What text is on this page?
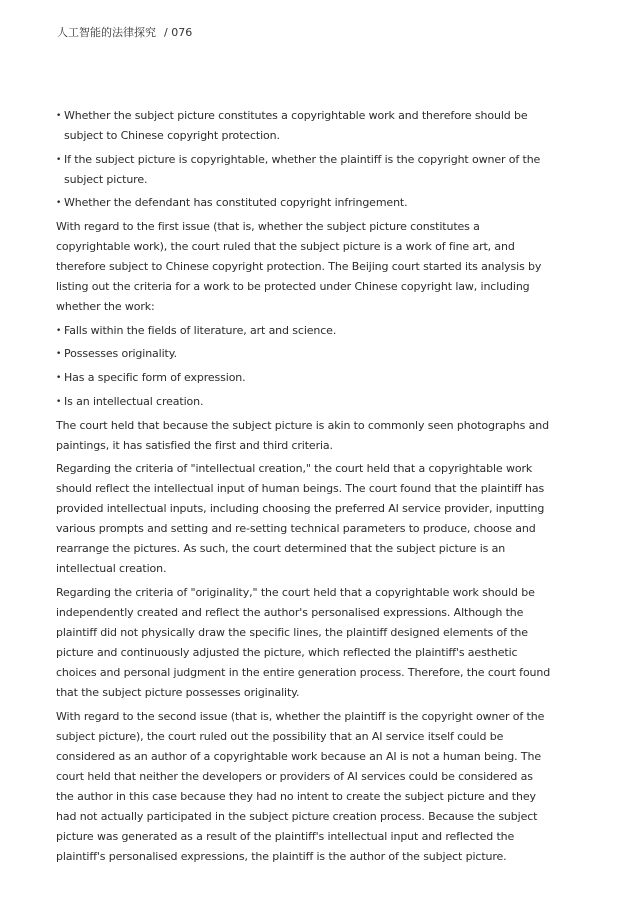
人工智能的法律探究 / 076
• Whether the subject picture constitutes a copyrightable work and therefore should be subject to Chinese copyright protection.
• If the subject picture is copyrightable, whether the plaintiff is the copyright owner of the subject picture.
• Whether the defendant has constituted copyright infringement.

With regard to the first issue (that is, whether the subject picture constitutes a copyrightable work), the court ruled that the subject picture is a work of fine art, and therefore subject to Chinese copyright protection. The Beijing court started its analysis by listing out the criteria for a work to be protected under Chinese copyright law, including whether the work:

• Falls within the fields of literature, art and science.
• Possesses originality.
• Has a specific form of expression.
• Is an intellectual creation.

The court held that because the subject picture is akin to commonly seen photographs and paintings, it has satisfied the first and third criteria.

Regarding the criteria of "intellectual creation," the court held that a copyrightable work should reflect the intellectual input of human beings. The court found that the plaintiff has provided intellectual inputs, including choosing the preferred AI service provider, inputting various prompts and setting and re-setting technical parameters to produce, choose and rearrange the pictures. As such, the court determined that the subject picture is an intellectual creation.

Regarding the criteria of "originality," the court held that a copyrightable work should be independently created and reflect the author's personalised expressions. Although the plaintiff did not physically draw the specific lines, the plaintiff designed elements of the picture and continuously adjusted the picture, which reflected the plaintiff's aesthetic choices and personal judgment in the entire generation process. Therefore, the court found that the subject picture possesses originality.

With regard to the second issue (that is, whether the plaintiff is the copyright owner of the subject picture), the court ruled out the possibility that an AI service itself could be considered as an author of a copyrightable work because an AI is not a human being. The court held that neither the developers or providers of AI services could be considered as the author in this case because they had no intent to create the subject picture and they had not actually participated in the subject picture creation process. Because the subject picture was generated as a result of the plaintiff's intellectual input and reflected the plaintiff's personalised expressions, the plaintiff is the author of the subject picture.
